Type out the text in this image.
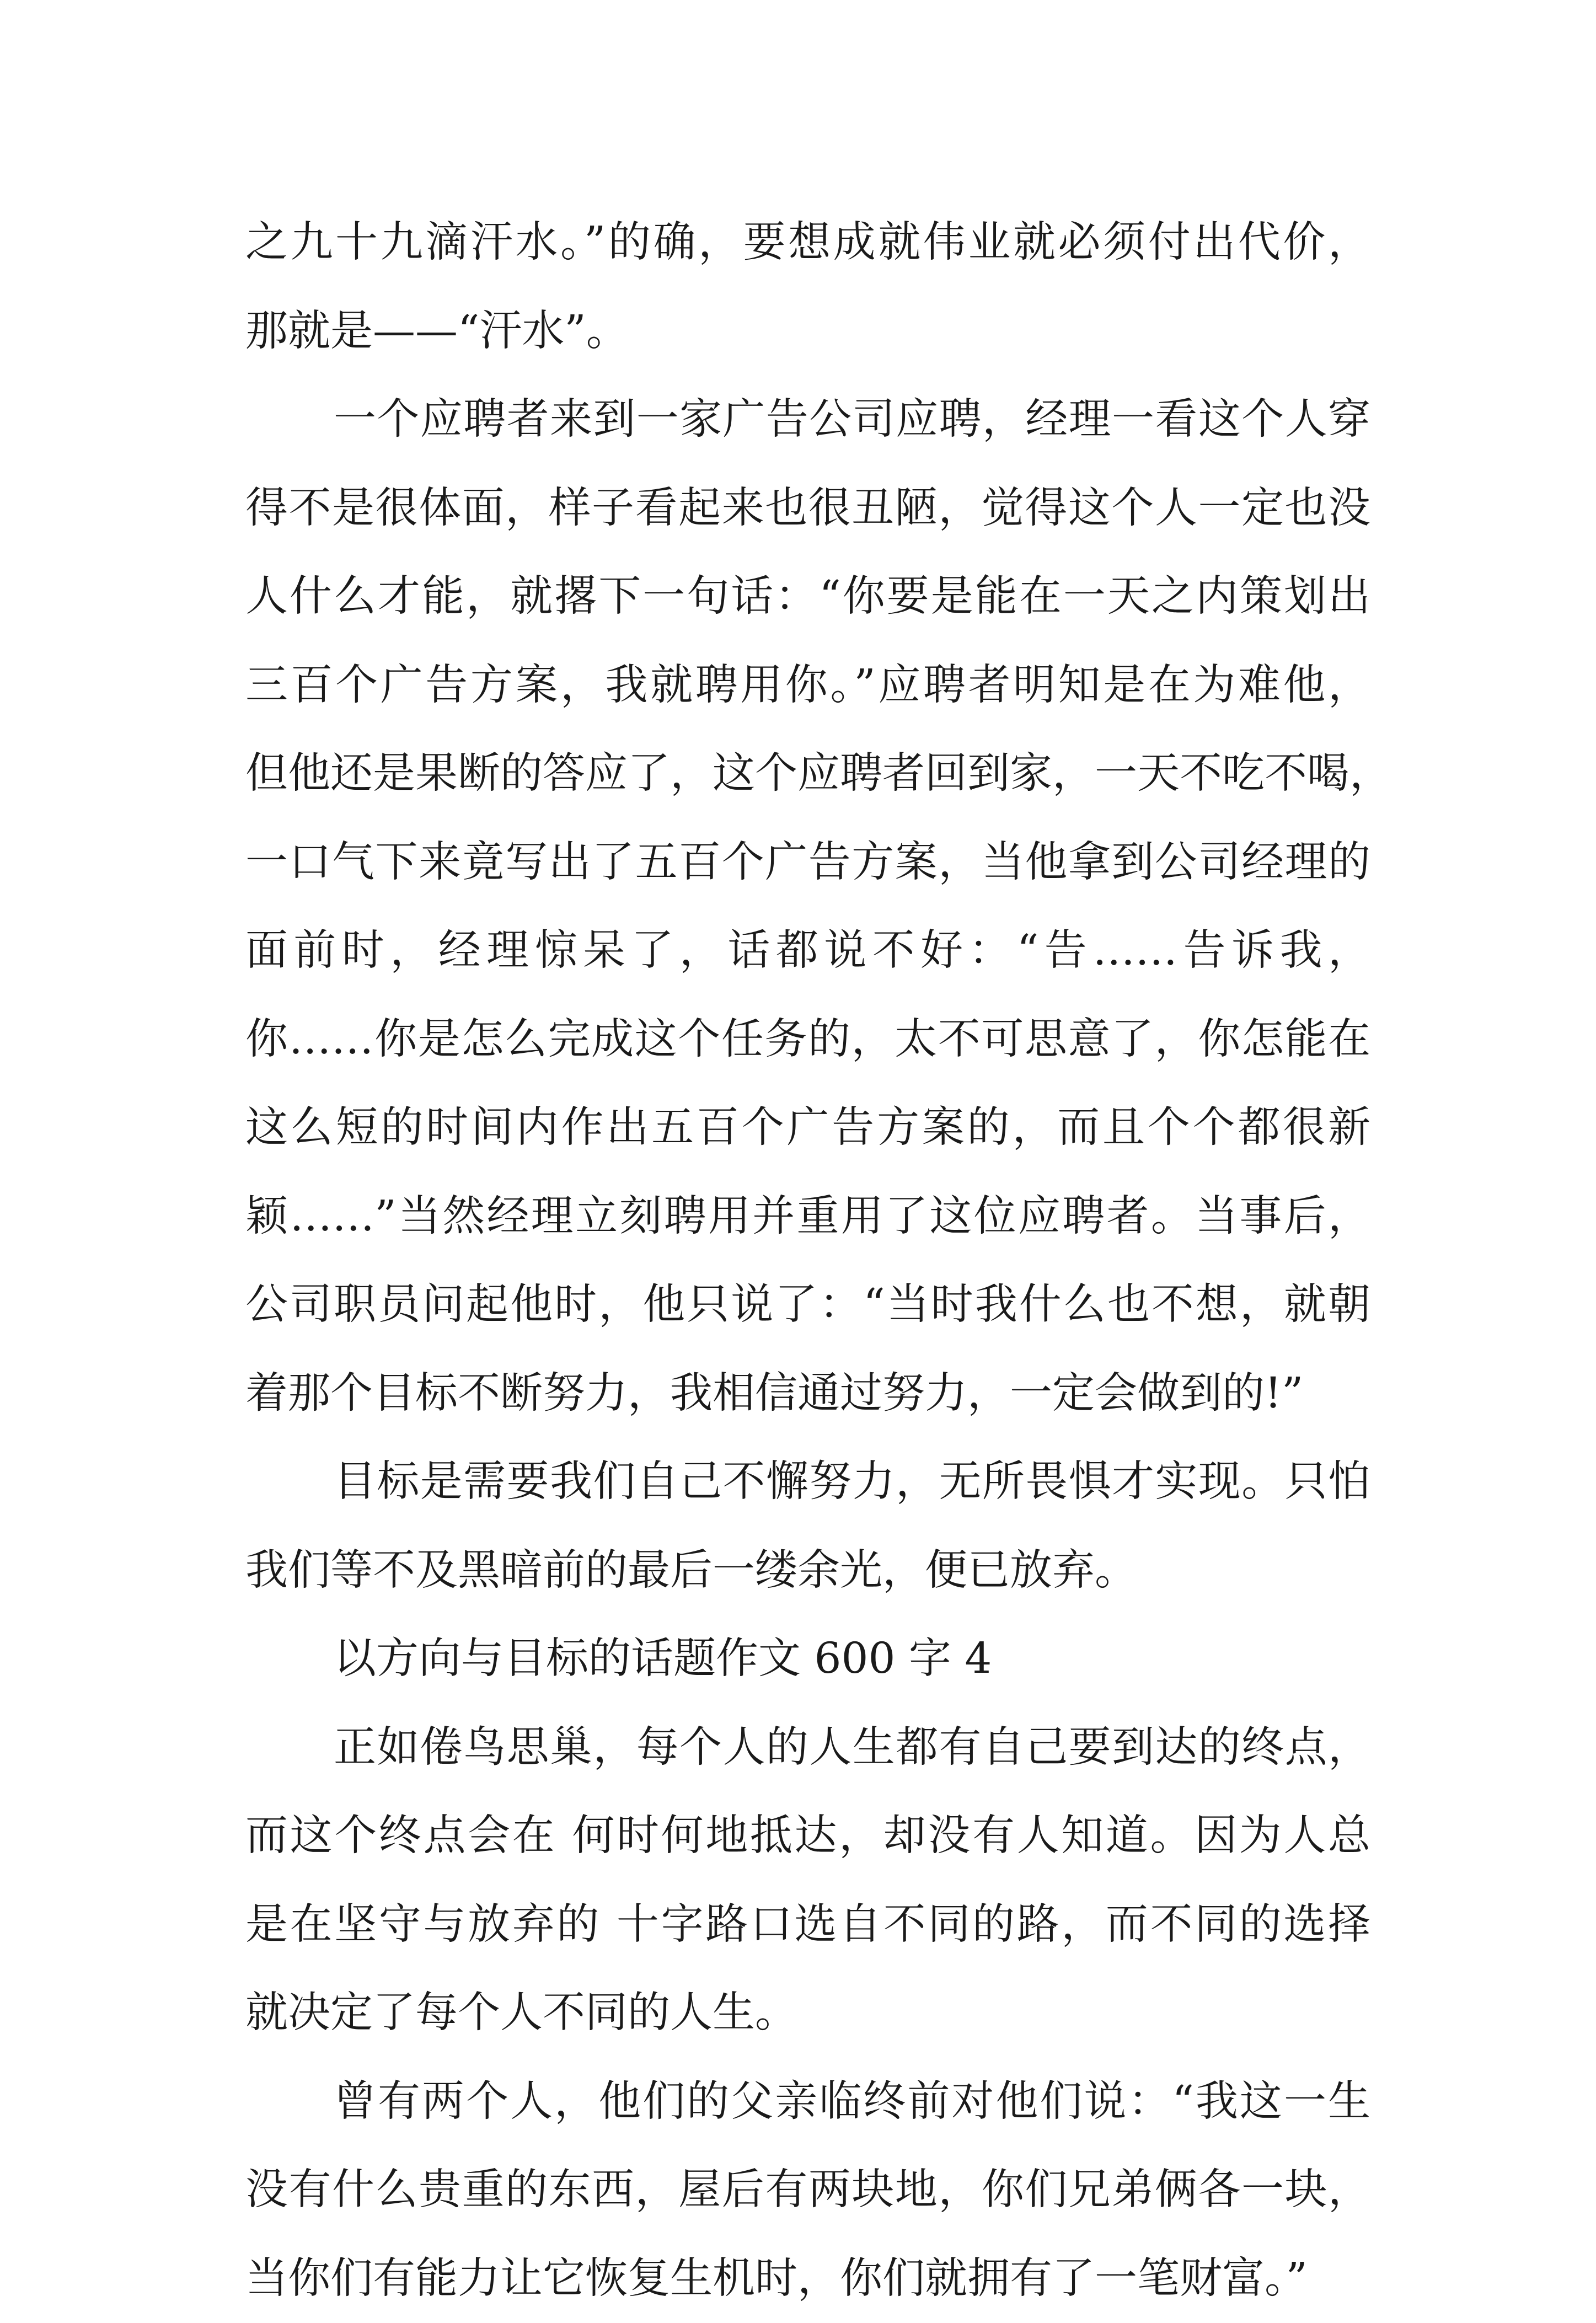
之九十九滴汗水。”的确，要想成就伟业就必须付出代价，
那就是——“汗水”。
一个应聘者来到一家广告公司应聘，经理一看这个人穿
得不是很体面，样子看起来也很丑陋，觉得这个人一定也没
人什么才能，就撂下一句话：“你要是能在一天之内策划出
三百个广告方案，我就聘用你。”应聘者明知是在为难他，
但他还是果断的答应了，这个应聘者回到家，一天不吃不喝，
一口气下来竟写出了五百个广告方案，当他拿到公司经理的
面前时，经理惊呆了，话都说不好：“告……告诉我，
你……你是怎么完成这个任务的，太不可思意了，你怎能在
这么短的时间内作出五百个广告方案的，而且个个都很新
颖……”当然经理立刻聘用并重用了这位应聘者。当事后，
公司职员问起他时，他只说了：“当时我什么也不想，就朝
着那个目标不断努力，我相信通过努力，一定会做到的!”
目标是需要我们自己不懈努力，无所畏惧才实现。只怕
我们等不及黑暗前的最后一缕余光，便已放弃。
以方向与目标的话题作文 600 字 4
正如倦鸟思巢，每个人的人生都有自己要到达的终点，
而这个终点会在 何时何地抵达，却没有人知道。因为人总
是在坚守与放弃的 十字路口选自不同的路，而不同的选择
就决定了每个人不同的人生。
曾有两个人，他们的父亲临终前对他们说：“我这一生
没有什么贵重的东西，屋后有两块地，你们兄弟俩各一块，
当你们有能力让它恢复生机时，你们就拥有了一笔财富。”
